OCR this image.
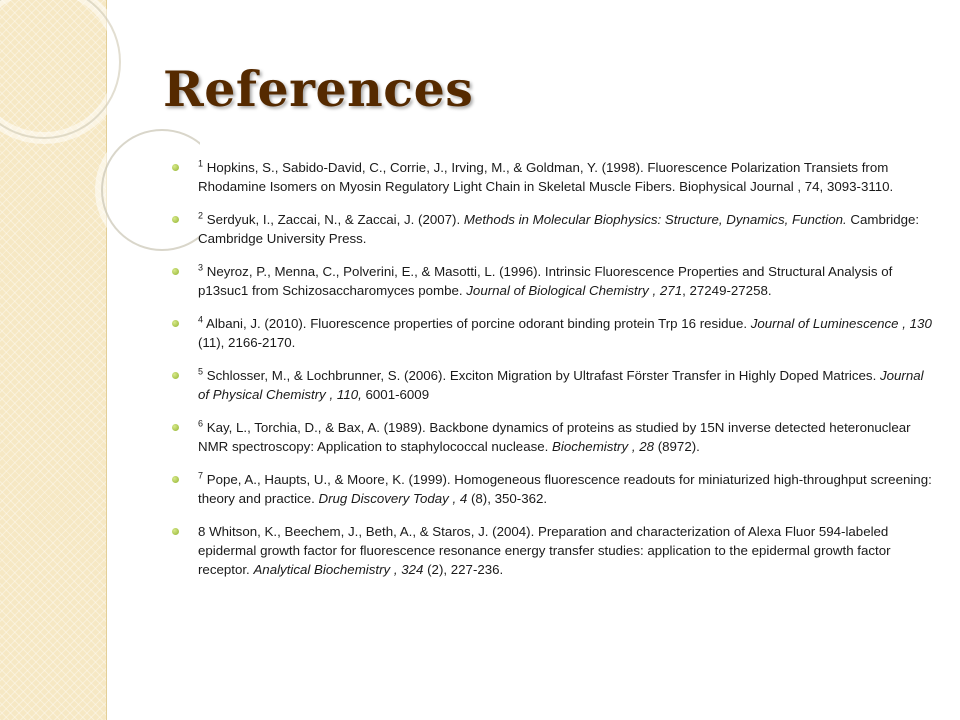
References
$^1$ Hopkins, S., Sabido-David, C., Corrie, J., Irving, M., & Goldman, Y. (1998). Fluorescence Polarization Transiets from Rhodamine Isomers on Myosin Regulatory Light Chain in Skeletal Muscle Fibers. Biophysical Journal , 74, 3093-3110.
$^2$ Serdyuk, I., Zaccai, N., & Zaccai, J. (2007). Methods in Molecular Biophysics: Structure, Dynamics, Function. Cambridge: Cambridge University Press.
$^3$ Neyroz, P., Menna, C., Polverini, E., & Masotti, L. (1996). Intrinsic Fluorescence Properties and Structural Analysis of p13suc1 from Schizosaccharomyces pombe. Journal of Biological Chemistry , 271, 27249-27258.
$^4$ Albani, J. (2010). Fluorescence properties of porcine odorant binding protein Trp 16 residue. Journal of Luminescence , 130 (11), 2166-2170.
$^5$ Schlosser, M., & Lochbrunner, S. (2006). Exciton Migration by Ultrafast Förster Transfer in Highly Doped Matrices. Journal of Physical Chemistry , 110, 6001-6009
$^6$ Kay, L., Torchia, D., & Bax, A. (1989). Backbone dynamics of proteins as studied by 15N inverse detected heteronuclear NMR spectroscopy: Application to staphylococcal nuclease. Biochemistry , 28 (8972).
$^7$ Pope, A., Haupts, U., & Moore, K. (1999). Homogeneous fluorescence readouts for miniaturized high-throughput screening: theory and practice. Drug Discovery Today , 4 (8), 350-362.
8 Whitson, K., Beechem, J., Beth, A., & Staros, J. (2004). Preparation and characterization of Alexa Fluor 594-labeled epidermal growth factor for fluorescence resonance energy transfer studies: application to the epidermal growth factor receptor. Analytical Biochemistry , 324 (2), 227-236.
